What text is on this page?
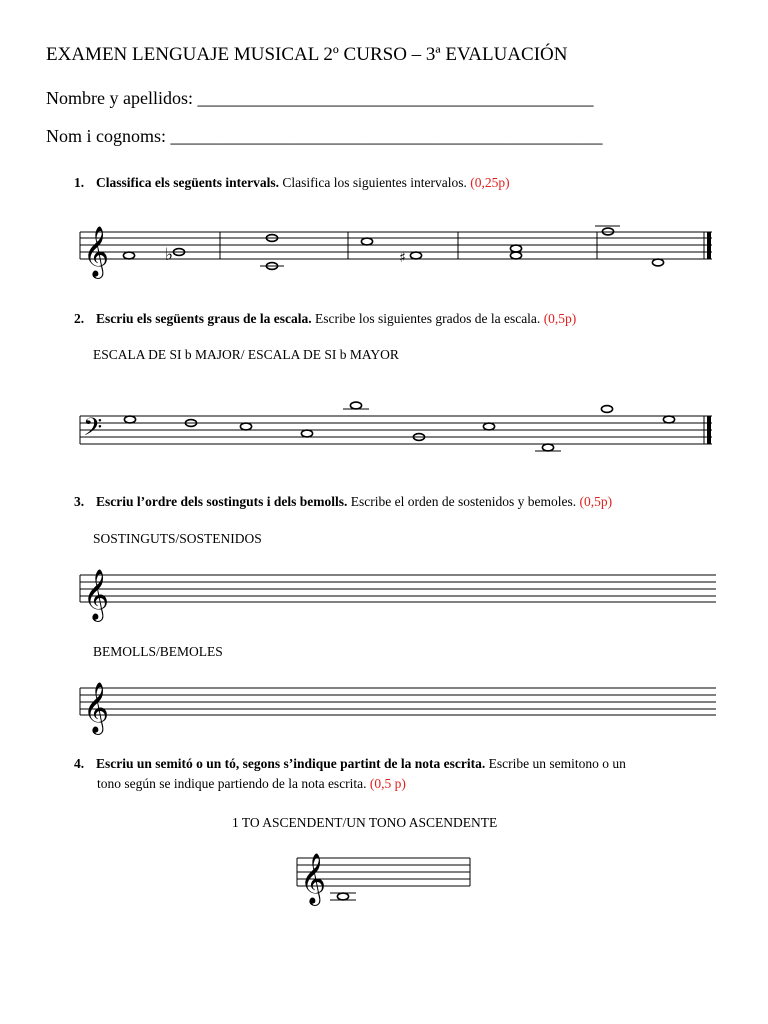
EXAMEN LENGUAJE MUSICAL 2º CURSO – 3ª EVALUACIÓN
Nombre y apellidos: ____________________________________________
Nom i cognoms: ________________________________________________
1. Classifica els següents intervals. Clasifica los siguientes intervalos. (0,25p)
2. Escriu els següents graus de la escala. Escribe los siguientes grados de la escala. (0,5p)
ESCALA DE SI b MAJOR/ ESCALA DE SI b MAYOR
3. Escriu l’ordre dels sostinguts i dels bemolls. Escribe el orden de sostenidos y bemoles. (0,5p)
SOSTINGUTS/SOSTENIDOS
BEMOLLS/BEMOLES
4. Escriu un semitó o un tó, segons s’indique partint de la nota escrita. Escribe un semitono o un
tono según se indique partiendo de la nota escrita. (0,5 p)
1 TO ASCENDENT/UN TONO ASCENDENTE
𝄞
𝄢
𝄞
𝄞
𝄞
♭	♯
